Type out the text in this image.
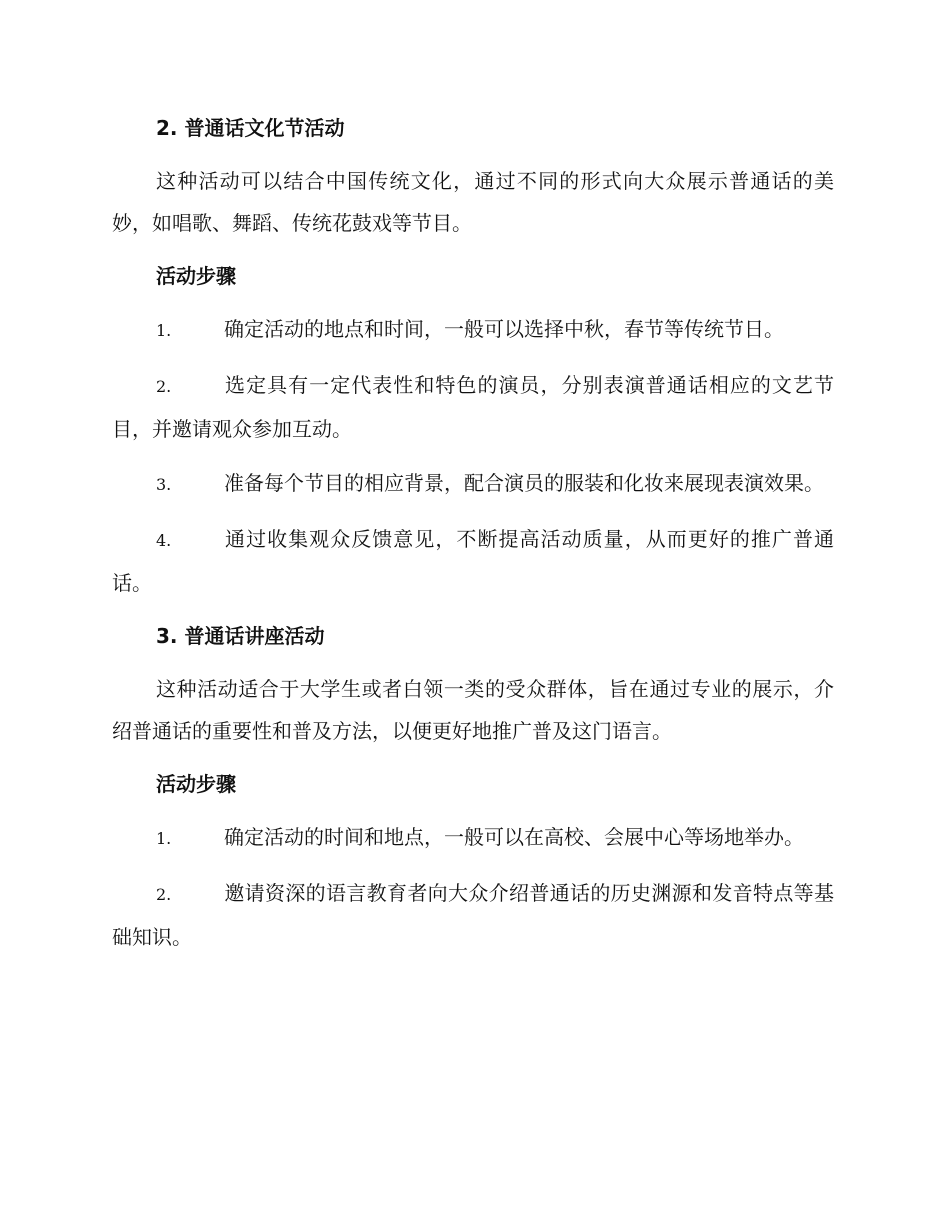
2. 普通话文化节活动
这种活动可以结合中国传统文化，通过不同的形式向大众展示普通话的美妙，如唱歌、舞蹈、传统花鼓戏等节目。
活动步骤
1.	确定活动的地点和时间，一般可以选择中秋，春节等传统节日。
2.	选定具有一定代表性和特色的演员，分别表演普通话相应的文艺节目，并邀请观众参加互动。
3.	准备每个节目的相应背景，配合演员的服装和化妆来展现表演效果。
4.	通过收集观众反馈意见，不断提高活动质量，从而更好的推广普通话。
3. 普通话讲座活动
这种活动适合于大学生或者白领一类的受众群体，旨在通过专业的展示，介绍普通话的重要性和普及方法，以便更好地推广普及这门语言。
活动步骤
1.	确定活动的时间和地点，一般可以在高校、会展中心等场地举办。
2.	邀请资深的语言教育者向大众介绍普通话的历史渊源和发音特点等基础知识。
